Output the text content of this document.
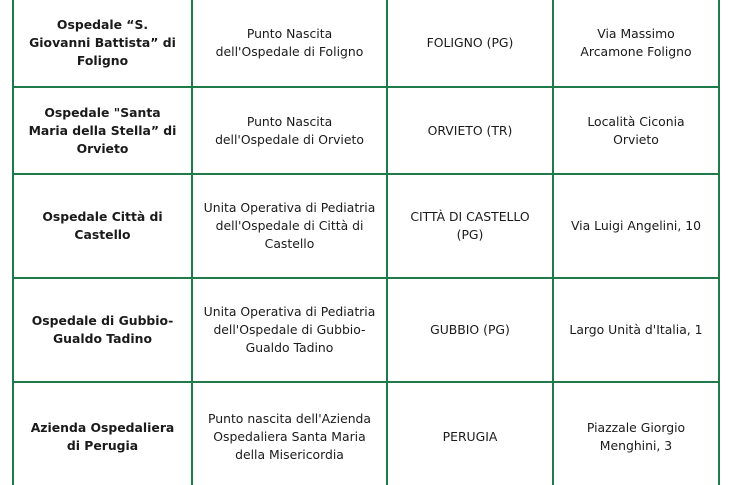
Ospedale “S. Giovanni Battista” di Foligno	Punto Nascita dell'Ospedale di Foligno	FOLIGNO (PG)	Via Massimo Arcamone Foligno
Ospedale "Santa Maria della Stella” di Orvieto	Punto Nascita dell'Ospedale di Orvieto	ORVIETO (TR)	Località Ciconia Orvieto
Ospedale Città di Castello	Unita Operativa di Pediatria dell'Ospedale di Città di Castello	CITTÀ DI CASTELLO (PG)	Via Luigi Angelini, 10
Ospedale di Gubbio-Gualdo Tadino	Unita Operativa di Pediatria dell'Ospedale di Gubbio-Gualdo Tadino	GUBBIO (PG)	Largo Unità d'Italia, 1
Azienda Ospedaliera di Perugia	Punto nascita dell'Azienda Ospedaliera Santa Maria della Misericordia	PERUGIA	Piazzale Giorgio Menghini, 3
